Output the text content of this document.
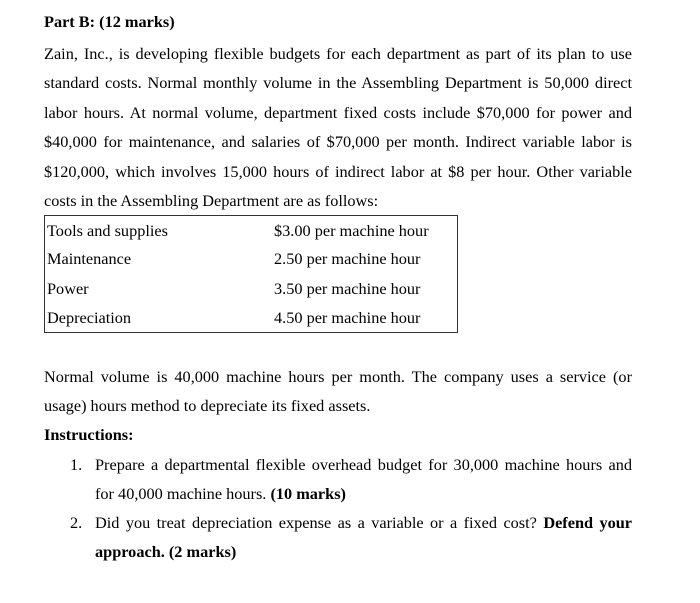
Part B: (12 marks)

Zain, Inc., is developing flexible budgets for each department as part of its plan to use standard costs. Normal monthly volume in the Assembling Department is 50,000 direct labor hours. At normal volume, department fixed costs include $70,000 for power and $40,000 for maintenance, and salaries of $70,000 per month. Indirect variable labor is $120,000, which involves 15,000 hours of indirect labor at $8 per hour. Other variable costs in the Assembling Department are as follows:

Tools and supplies	$3.00 per machine hour
Maintenance	2.50 per machine hour
Power	3.50 per machine hour
Depreciation	4.50 per machine hour

Normal volume is 40,000 machine hours per month. The company uses a service (or usage) hours method to depreciate its fixed assets.

Instructions:
1. Prepare a departmental flexible overhead budget for 30,000 machine hours and for 40,000 machine hours. (10 marks)
2. Did you treat depreciation expense as a variable or a fixed cost? Defend your approach. (2 marks)
